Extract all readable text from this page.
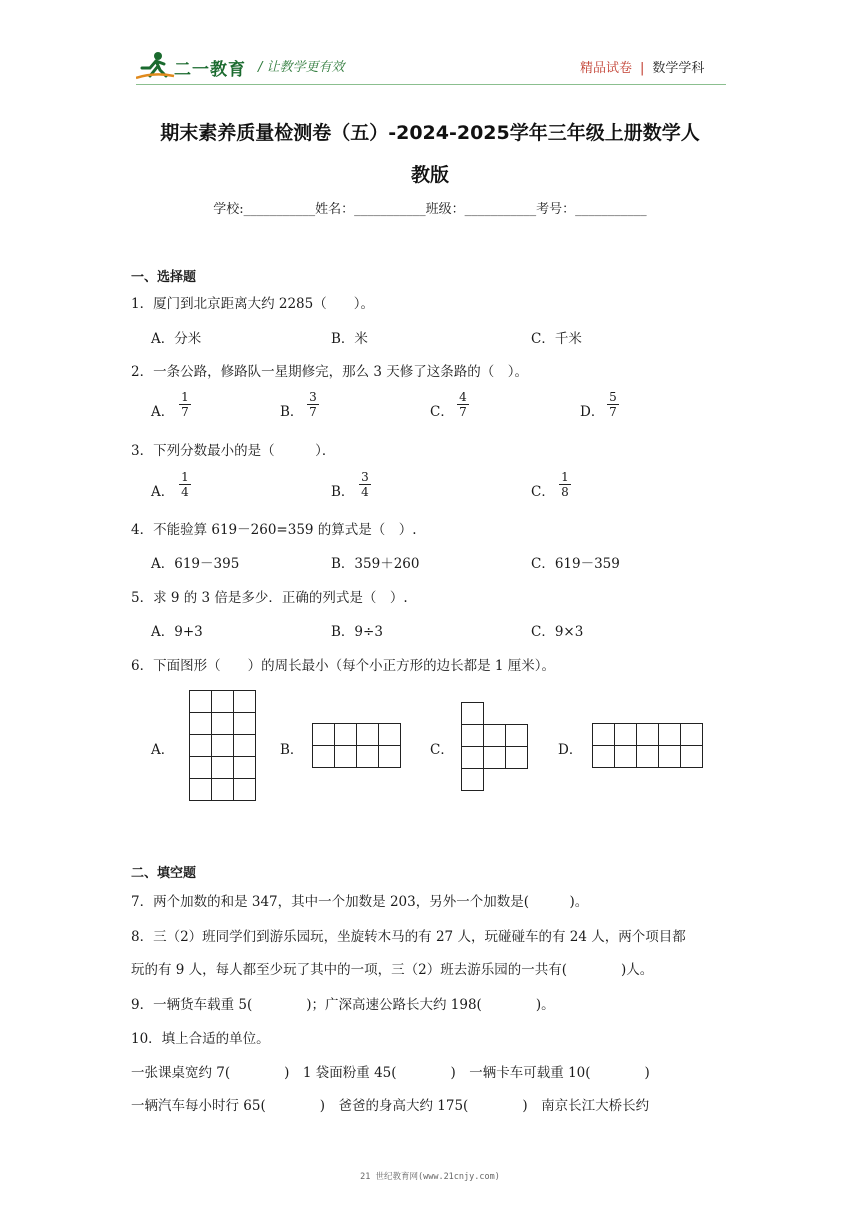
二一教育 / 让教学更有效	精品试卷 | 数学学科
期末素养质量检测卷（五）-2024-2025学年三年级上册数学人
教版
学校:___________姓名：___________班级：___________考号：___________
一、选择题
1．厦门到北京距离大约 2285（　　）。
A．分米	B．米	C．千米
2．一条公路，修路队一星期修完，那么 3 天修了这条路的（　）。
A． $\frac{1}{7}$	B． $\frac{3}{7}$	C． $\frac{4}{7}$	D． $\frac{5}{7}$
3．下列分数最小的是（　　　）．
A． $\frac{1}{4}$	B． $\frac{3}{4}$	C． $\frac{1}{8}$
4．不能验算 619－260=359 的算式是（　）.
A．619－395	B．359＋260	C．619－359
5．求 9 的 3 倍是多少．正确的列式是（　）.
A．9+3	B．9÷3	C．9×3
6．下面图形（　　）的周长最小（每个小正方形的边长都是 1 厘米）。
A．	B．	C．	D．
二、填空题
7．两个加数的和是 347，其中一个加数是 203，另外一个加数是(　　　)。
8．三（2）班同学们到游乐园玩，坐旋转木马的有 27 人，玩碰碰车的有 24 人，两个项目都
玩的有 9 人，每人都至少玩了其中的一项，三（2）班去游乐园的一共有(　　　　)人。
9．一辆货车载重 5(　　　　)；广深高速公路长大约 198(　　　　)。
10．填上合适的单位。
一张课桌宽约 7(　　　　)　1 袋面粉重 45(　　　　)　一辆卡车可载重 10(　　　　)
一辆汽车每小时行 65(　　　　)　爸爸的身高大约 175(　　　　)　南京长江大桥长约
21 世纪教育网(www.21cnjy.com)
